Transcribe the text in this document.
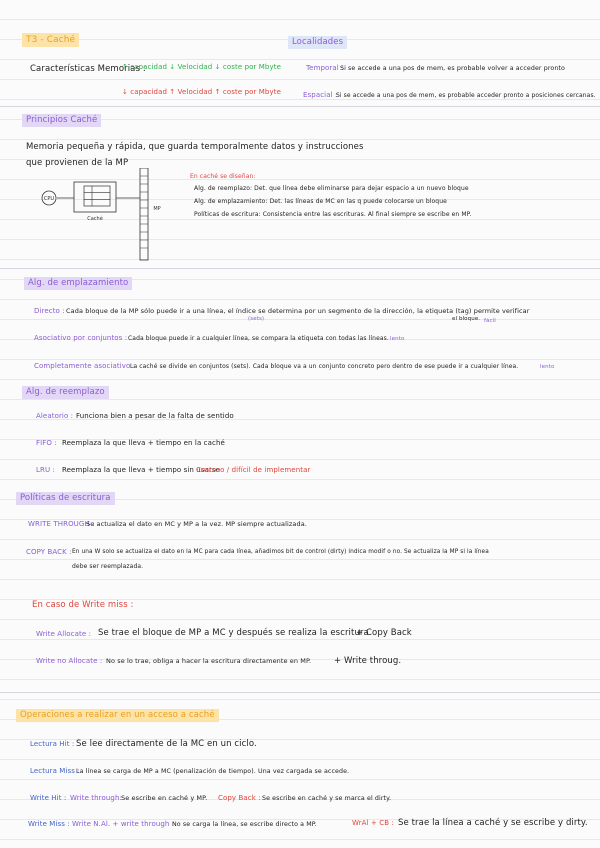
T3 - Caché	Localidades
Características Memorias :
↑ capacidad ↓ Velocidad ↓ coste por Mbyte
↓ capacidad ↑ Velocidad ↑ coste por Mbyte
Temporal :
Si se accede a una pos de mem, es probable volver a acceder pronto
Espacial :
Si se accede a una pos de mem, es probable acceder pronto a posiciones cercanas.
Principios Caché
Memoria pequeña y rápida, que guarda temporalmente datos y instrucciones
que provienen de la MP
CPU
Caché
MP
En caché se diseñan:
Alg. de reemplazo: Det. que línea debe eliminarse para dejar espacio a un nuevo bloque
Alg. de emplazamiento: Det. las líneas de MC en las q puede colocarse un bloque
Políticas de escritura: Consistencia entre las escrituras. Al final siempre se escribe en MP.
Alg. de emplazamiento
Directo : Cada bloque de la MP sólo puede ir a una línea, el índice se determina por un segmento de la dirección, la etiqueta (tag) permite verificar
(sets)	el bloque. fácil
Asociativo por conjuntos : Cada bloque puede ir a cualquier línea, se compara la etiqueta con todas las líneas. lento
Completamente asociativo :
La caché se divide en conjuntos (sets). Cada bloque va a un conjunto concreto pero dentro de ese puede ir a cualquier línea.	lento
Alg. de reemplazo
Aleatorio : Funciona bien a pesar de la falta de sentido
FIFO : Reemplaza la que lleva + tiempo en la caché
LRU : Reemplaza la que lleva + tiempo sin usarse
Costoso / difícil de implementar
Políticas de escritura
WRITE THROUGH :
Se actualiza el dato en MC y MP a la vez. MP siempre actualizada.
COPY BACK : En una W solo se actualiza el dato en la MC para cada línea, añadimos bit de control (dirty) indica modif o no. Se actualiza la MP si la línea
debe ser reemplazada.
En caso de Write miss :
Write Allocate : Se trae el bloque de MP a MC y después se realiza la escritura
+ Copy Back
Write no Allocate : No se lo trae, obliga a hacer la escritura directamente en MP.	+ Write throug.
Operaciones a realizar en un acceso a caché
Lectura Hit : Se lee directamente de la MC en un ciclo.
Lectura Miss :
La línea se carga de MP a MC (penalización de tiempo). Una vez cargada se accede.
Write Hit : Write through: Se escribe en caché y MP. Copy Back : Se escribe en caché y se marca el dirty.
Write Miss : Write N.Al. + write through :
No se carga la línea, se escribe directo a MP.	WrAl + CB : Se trae la línea a caché y se escribe y dirty.
